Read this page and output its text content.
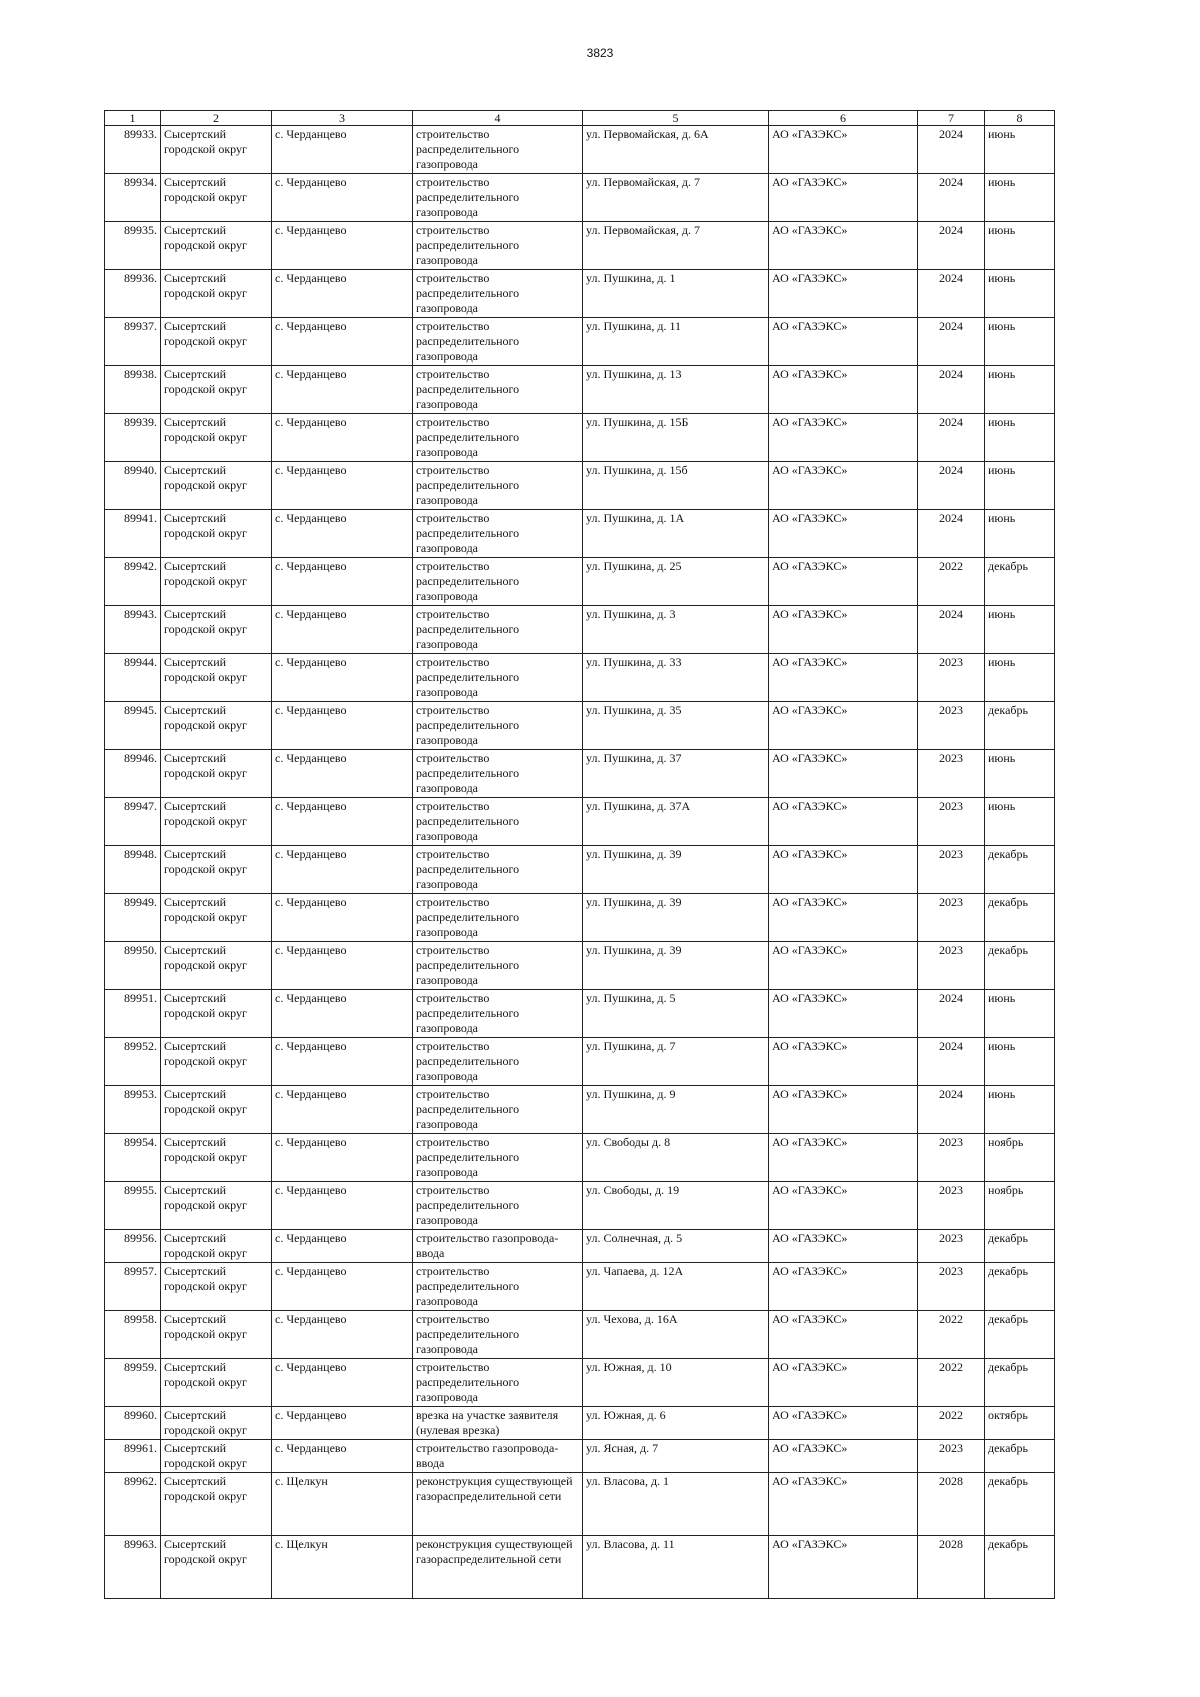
3823
1	2	3	4	5	6	7	8
89933.	Сысертский городской округ	с. Черданцево	строительство распределительного газопровода	ул. Первомайская, д. 6А	АО «ГАЗЭКС»	2024	июнь
89934.	Сысертский городской округ	с. Черданцево	строительство распределительного газопровода	ул. Первомайская, д. 7	АО «ГАЗЭКС»	2024	июнь
89935.	Сысертский городской округ	с. Черданцево	строительство распределительного газопровода	ул. Первомайская, д. 7	АО «ГАЗЭКС»	2024	июнь
89936.	Сысертский городской округ	с. Черданцево	строительство распределительного газопровода	ул. Пушкина, д. 1	АО «ГАЗЭКС»	2024	июнь
89937.	Сысертский городской округ	с. Черданцево	строительство распределительного газопровода	ул. Пушкина, д. 11	АО «ГАЗЭКС»	2024	июнь
89938.	Сысертский городской округ	с. Черданцево	строительство распределительного газопровода	ул. Пушкина, д. 13	АО «ГАЗЭКС»	2024	июнь
89939.	Сысертский городской округ	с. Черданцево	строительство распределительного газопровода	ул. Пушкина, д. 15Б	АО «ГАЗЭКС»	2024	июнь
89940.	Сысертский городской округ	с. Черданцево	строительство распределительного газопровода	ул. Пушкина, д. 15б	АО «ГАЗЭКС»	2024	июнь
89941.	Сысертский городской округ	с. Черданцево	строительство распределительного газопровода	ул. Пушкина, д. 1А	АО «ГАЗЭКС»	2024	июнь
89942.	Сысертский городской округ	с. Черданцево	строительство распределительного газопровода	ул. Пушкина, д. 25	АО «ГАЗЭКС»	2022	декабрь
89943.	Сысертский городской округ	с. Черданцево	строительство распределительного газопровода	ул. Пушкина, д. 3	АО «ГАЗЭКС»	2024	июнь
89944.	Сысертский городской округ	с. Черданцево	строительство распределительного газопровода	ул. Пушкина, д. 33	АО «ГАЗЭКС»	2023	июнь
89945.	Сысертский городской округ	с. Черданцево	строительство распределительного газопровода	ул. Пушкина, д. 35	АО «ГАЗЭКС»	2023	декабрь
89946.	Сысертский городской округ	с. Черданцево	строительство распределительного газопровода	ул. Пушкина, д. 37	АО «ГАЗЭКС»	2023	июнь
89947.	Сысертский городской округ	с. Черданцево	строительство распределительного газопровода	ул. Пушкина, д. 37А	АО «ГАЗЭКС»	2023	июнь
89948.	Сысертский городской округ	с. Черданцево	строительство распределительного газопровода	ул. Пушкина, д. 39	АО «ГАЗЭКС»	2023	декабрь
89949.	Сысертский городской округ	с. Черданцево	строительство распределительного газопровода	ул. Пушкина, д. 39	АО «ГАЗЭКС»	2023	декабрь
89950.	Сысертский городской округ	с. Черданцево	строительство распределительного газопровода	ул. Пушкина, д. 39	АО «ГАЗЭКС»	2023	декабрь
89951.	Сысертский городской округ	с. Черданцево	строительство распределительного газопровода	ул. Пушкина, д. 5	АО «ГАЗЭКС»	2024	июнь
89952.	Сысертский городской округ	с. Черданцево	строительство распределительного газопровода	ул. Пушкина, д. 7	АО «ГАЗЭКС»	2024	июнь
89953.	Сысертский городской округ	с. Черданцево	строительство распределительного газопровода	ул. Пушкина, д. 9	АО «ГАЗЭКС»	2024	июнь
89954.	Сысертский городской округ	с. Черданцево	строительство распределительного газопровода	ул. Свободы д. 8	АО «ГАЗЭКС»	2023	ноябрь
89955.	Сысертский городской округ	с. Черданцево	строительство распределительного газопровода	ул. Свободы, д. 19	АО «ГАЗЭКС»	2023	ноябрь
89956.	Сысертский городской округ	с. Черданцево	строительство газопровода-ввода	ул. Солнечная, д. 5	АО «ГАЗЭКС»	2023	декабрь
89957.	Сысертский городской округ	с. Черданцево	строительство распределительного газопровода	ул. Чапаева, д. 12А	АО «ГАЗЭКС»	2023	декабрь
89958.	Сысертский городской округ	с. Черданцево	строительство распределительного газопровода	ул. Чехова, д. 16А	АО «ГАЗЭКС»	2022	декабрь
89959.	Сысертский городской округ	с. Черданцево	строительство распределительного газопровода	ул. Южная, д. 10	АО «ГАЗЭКС»	2022	декабрь
89960.	Сысертский городской округ	с. Черданцево	врезка на участке заявителя (нулевая врезка)	ул. Южная, д. 6	АО «ГАЗЭКС»	2022	октябрь
89961.	Сысертский городской округ	с. Черданцево	строительство газопровода-ввода	ул. Ясная, д. 7	АО «ГАЗЭКС»	2023	декабрь
89962.	Сысертский городской округ	с. Щелкун	реконструкция существующей газораспределительной сети	ул. Власова, д. 1	АО «ГАЗЭКС»	2028	декабрь
89963.	Сысертский городской округ	с. Щелкун	реконструкция существующей газораспределительной сети	ул. Власова, д. 11	АО «ГАЗЭКС»	2028	декабрь
